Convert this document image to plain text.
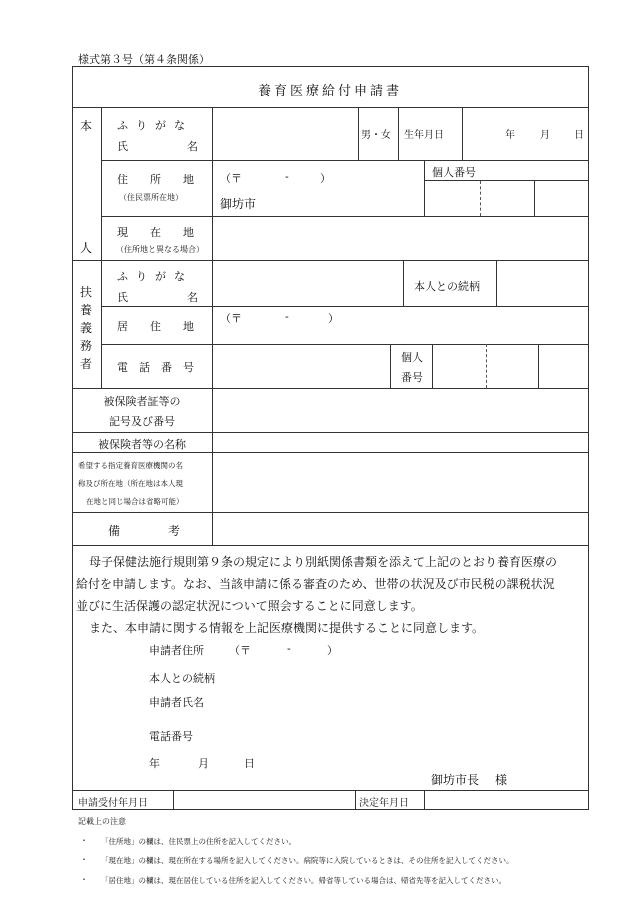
様式第３号（第４条関係）
養育医療給付申請書
本
人
ふりがな
氏	名
男・女 生年月日	年	月 日
住　　所　　地
（住民票所在地）
（〒	-	）
御坊市
個人番号
現　　在　　地
（住所地と異なる場合）
扶養義務者
ふりがな
氏	名
本人との続柄
居　　住　　地
（〒	-	）
電　話　番　号
個人
番号
被保険者証等の
記号及び番号
被保険者等の名称
希望する指定養育医療機関の名
称及び所在地（所在地は本人現
在地と同じ場合は省略可能）
備　　　　考
母子保健法施行規則第９条の規定により別紙関係書類を添えて上記のとおり養育医療の
給付を申請します。なお、当該申請に係る審査のため、世帯の状況及び市民税の課税状況
並びに生活保護の認定状況について照会することに同意します。
また、本申請に関する情報を上記医療機関に提供することに同意します。
申請者住所 （〒	-	）
本人との続柄
申請者氏名
電話番号
年	月	日
御坊市長 様
申請受付年月日	決定年月日
記載上の注意
・ 「住所地」の欄は、住民票上の住所を記入してください。
・ 「現在地」の欄は、現在所在する場所を記入してください。病院等に入院しているときは、その住所を記入してください。
・ 「居住地」の欄は、現在居住している住所を記入してください。帰省等している場合は、帰省先等を記入してください。
